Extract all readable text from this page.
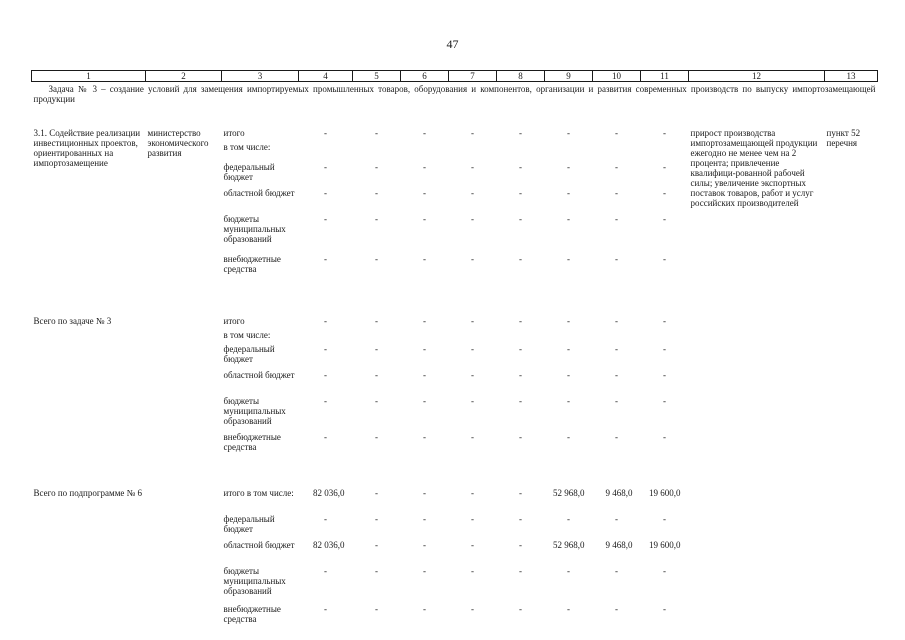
47
1	2	3	4	5	6	7	8	9	10	11	12	13

Задача № 3 – создание условий для замещения импортируемых промышленных товаров, оборудования и компонентов, организации и развития современных производств по выпуску импортозамещающей продукции												

3.1. Содействие реализации инвестиционных проектов, ориентированных на импортозамещение	министерство экономического развития	итого	-	-	-	-	-	-	-	-	прирост производства импортозамещающей продукции ежегодно не менее чем на 2 процента; привлечение квалифици-рованной рабочей силы; увеличение экспортных поставок товаров, работ и услуг российских производителей	пункт 52 перечня
		в том числе:										
		федеральный бюджет	-	-	-	-	-	-	-	-		
		областной бюджет	-	-	-	-	-	-	-	-		
		бюджеты муниципальных образований	-	-	-	-	-	-	-	-		
		внебюджетные средства	-	-	-	-	-	-	-	-		

Всего по задаче № 3		итого	-	-	-	-	-	-	-	-		
		в том числе:										
		федеральный бюджет	-	-	-	-	-	-	-	-		
		областной бюджет	-	-	-	-	-	-	-	-		
		бюджеты муниципальных образований	-	-	-	-	-	-	-	-		
		внебюджетные средства	-	-	-	-	-	-	-	-		

Всего по подпрограмме № 6		итого в том числе:	82 036,0	-	-	-	-	52 968,0	9 468,0	19 600,0		
		федеральный бюджет	-	-	-	-	-	-	-	-		
		областной бюджет	82 036,0	-	-	-	-	52 968,0	9 468,0	19 600,0		
		бюджеты муниципальных образований	-	-	-	-	-	-	-	-		
		внебюджетные средства	-	-	-	-	-	-	-	-		
